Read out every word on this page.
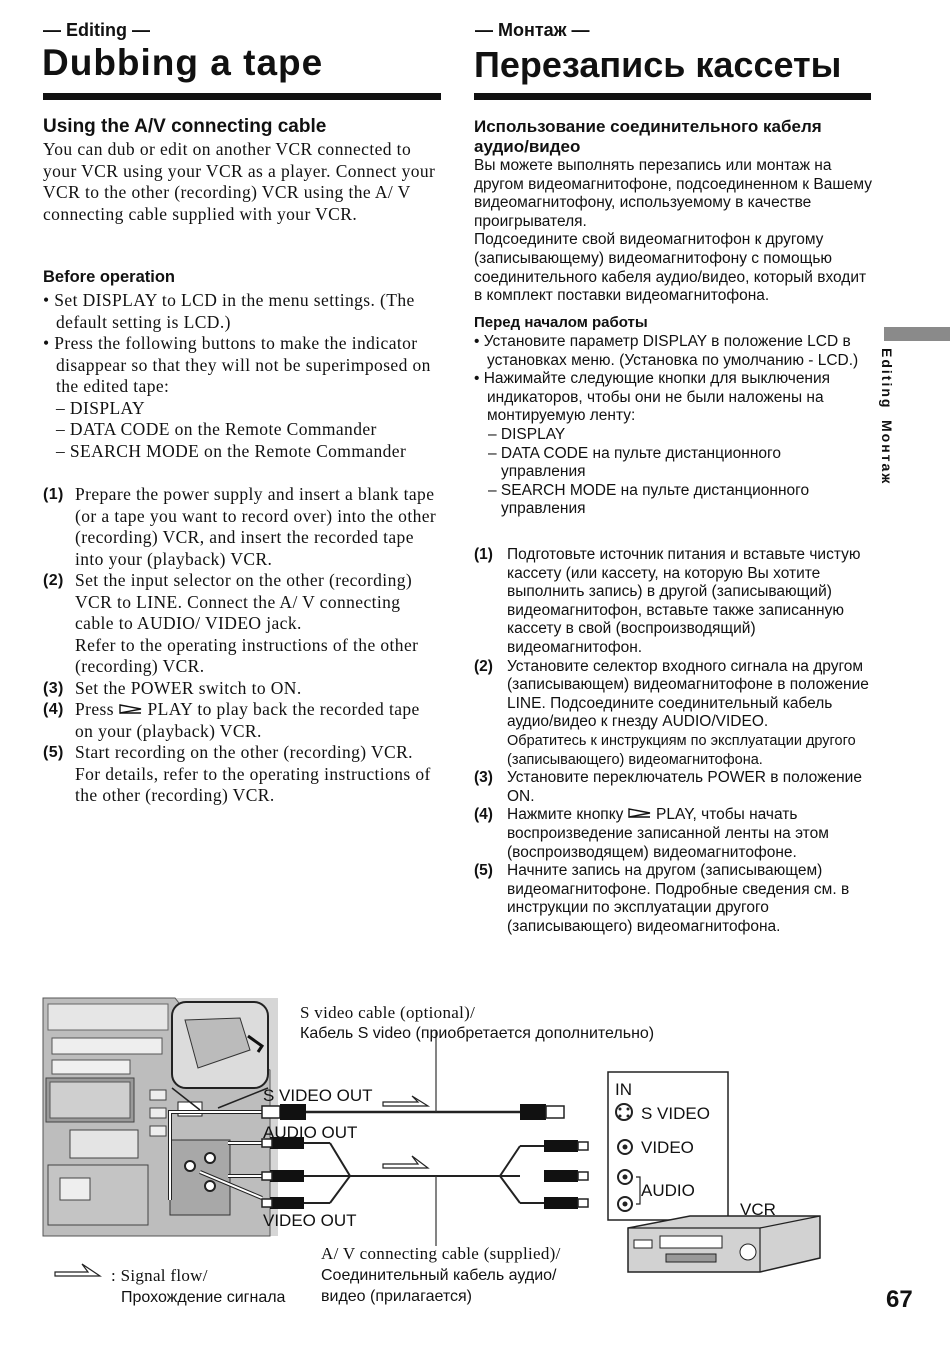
— Editing —
Dubbing a tape
Using the A/V connecting cable

You can dub or edit on another VCR connected to your VCR using your VCR as a player. Connect your VCR to the other (recording) VCR using the A/ V connecting cable supplied with your VCR.

Before operation

• Set DISPLAY to LCD in the menu settings. (The default setting is LCD.)

• Press the following buttons to make the indicator disappear so that they will not be superimposed on the edited tape:

– DISPLAY

– DATA CODE on the Remote Commander

– SEARCH MODE on the Remote Commander

(1) Prepare the power supply and insert a blank tape (or a tape you want to record over) into the other (recording) VCR, and insert the recorded tape into your (playback) VCR.
(2) Set the input selector on the other (recording) VCR to LINE. Connect the A/ V connecting cable to AUDIO/ VIDEO jack.
Refer to the operating instructions of the other (recording) VCR.
(3) Set the POWER switch to ON.
(4) Press PLAY to play back the recorded tape on your (playback) VCR.
(5) Start recording on the other (recording) VCR. For details, refer to the operating instructions of the other (recording) VCR.
— Монтаж —
Перезапись кассеты
Использование соединительного кабеля аудио/видео

Вы можете выполнять перезапись или монтаж на другом видеомагнитофоне, подсоединенном к Вашему видеомагнитофону, используемому в качестве проигрывателя.

Подсоедините свой видеомагнитофон к другому (записывающему) видеомагнитофону с помощью соединительного кабеля аудио/видео, который входит в комплект поставки видеомагнитофона.

Перед началом работы

• Установите параметр DISPLAY в положение LCD в установках меню. (Установка по умолчанию - LCD.)

• Нажимайте следующие кнопки для выключения индикаторов, чтобы они не были наложены на монтируемую ленту:

– DISPLAY

– DATA CODE на пульте дистанционного управления

– SEARCH MODE на пульте дистанционного управления

(1) Подготовьте источник питания и вставьте чистую кассету (или кассету, на которую Вы хотите выполнить запись) в другой (записывающий) видеомагнитофон, вставьте также записанную кассету в свой (воспроизводящий) видеомагнитофон.
(2) Установите селектор входного сигнала на другом (записывающем) видеомагнитофоне в положение LINE. Подсоедините соединительный кабель аудио/видео к гнезду AUDIO/VIDEO.
Обратитесь к инструкциям по эксплуатации другого (записывающего) видеомагнитофона.
(3) Установите переключатель POWER в положение ON.
(4) Нажмите кнопку PLAY, чтобы начать воспроизведение записанной ленты на этом (воспроизводящем) видеомагнитофоне.
(5) Начните запись на другом (записывающем) видеомагнитофоне. Подробные сведения см. в инструкции по эксплуатации другого (записывающего) видеомагнитофона.
Editing
Монтаж
67
S video cable (optional)/
Кабель S video (приобретается дополнительно)
S VIDEO OUT
AUDIO OUT
VIDEO OUT
IN
S VIDEO
VIDEO
AUDIO
VCR
A/ V connecting cable (supplied)/
Соединительный кабель аудио/
видео (прилагается)
: Signal flow/
Прохождение сигнала
